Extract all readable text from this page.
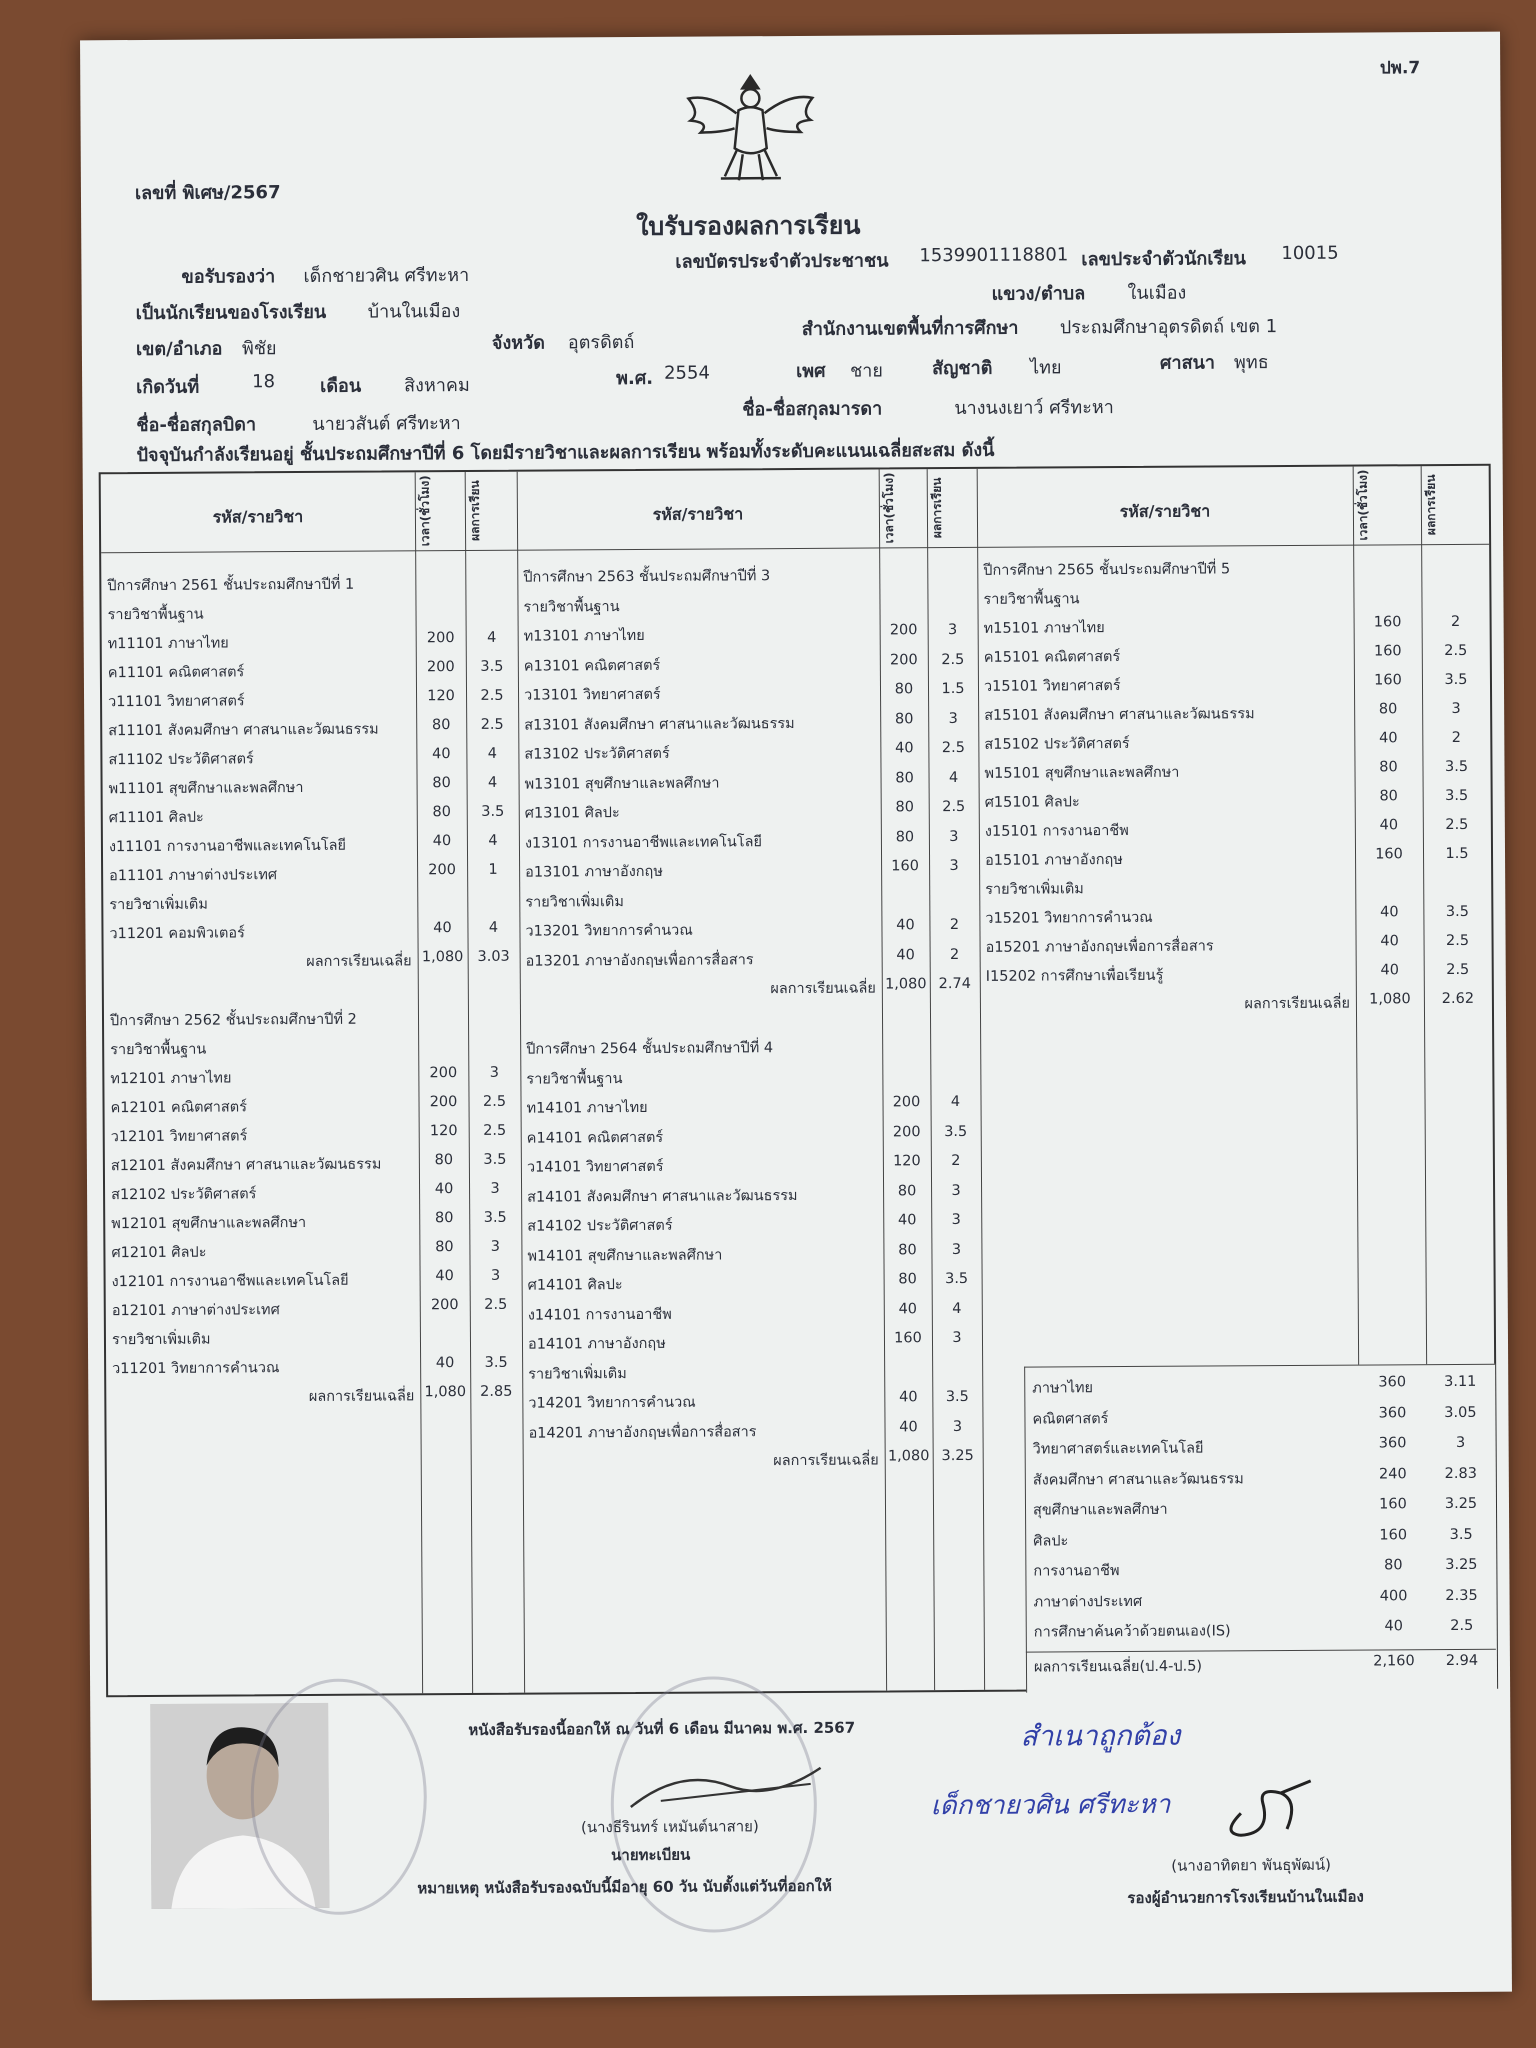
ปพ.7
เลขที่ พิเศษ/2567
ใบรับรองผลการเรียน
ขอรับรองว่า เด็กชายวศิน ศรีทะหา
เลขบัตรประจำตัวประชาชน 1539901118801 เลขประจำตัวนักเรียน 10015
แขวง/ตำบล ในเมือง
เป็นนักเรียนของโรงเรียน บ้านในเมือง
เขต/อำเภอ พิชัย	จังหวัด อุตรดิตถ์
สำนักงานเขตพื้นที่การศึกษา ประถมศึกษาอุตรดิตถ์ เขต 1
เกิดวันที่	18 เดือน สิงหาคม	พ.ศ. 2554	เพศ ชาย	สัญชาติ ไทย	ศาสนา พุทธ
ชื่อ-ชื่อสกุลบิดา	นายวสันต์ ศรีทะหา
ชื่อ-ชื่อสกุลมารดา	นางนงเยาว์ ศรีทะหา
ปัจจุบันกำลังเรียนอยู่ ชั้นประถมศึกษาปีที่ 6 โดยมีรายวิชาและผลการเรียน พร้อมทั้งระดับคะแนนเฉลี่ยสะสม ดังนี้
รหัส/รายวิชา	เวลา(ชั่วโมง)	ผลการเรียน	รหัส/รายวิชา	เวลา(ชั่วโมง)	ผลการเรียน	รหัส/รายวิชา	เวลา(ชั่วโมง)	ผลการเรียน
ปีการศึกษา 2561 ชั้นประถมศึกษาปีที่ 1
รายวิชาพื้นฐาน
ท11101 ภาษาไทย	200	4
ค11101 คณิตศาสตร์	200	3.5
ว11101 วิทยาศาสตร์	120	2.5
ส11101 สังคมศึกษา ศาสนาและวัฒนธรรม	80	2.5
ส11102 ประวัติศาสตร์	40	4
พ11101 สุขศึกษาและพลศึกษา	80	4
ศ11101 ศิลปะ	80	3.5
ง11101 การงานอาชีพและเทคโนโลยี	40	4
อ11101 ภาษาต่างประเทศ	200	1
รายวิชาเพิ่มเติม
ว11201 คอมพิวเตอร์	40	4
ผลการเรียนเฉลี่ย 1,080 3.03
ปีการศึกษา 2562 ชั้นประถมศึกษาปีที่ 2
รายวิชาพื้นฐาน
ท12101 ภาษาไทย	200	3
ค12101 คณิตศาสตร์	200	2.5
ว12101 วิทยาศาสตร์	120	2.5
ส12101 สังคมศึกษา ศาสนาและวัฒนธรรม	80	3.5
ส12102 ประวัติศาสตร์	40	3
พ12101 สุขศึกษาและพลศึกษา	80	3.5
ศ12101 ศิลปะ	80	3
ง12101 การงานอาชีพและเทคโนโลยี	40	3
อ12101 ภาษาต่างประเทศ	200	2.5
รายวิชาเพิ่มเติม
ว11201 วิทยาการคำนวณ	40	3.5
ผลการเรียนเฉลี่ย 1,080 2.85
ปีการศึกษา 2563 ชั้นประถมศึกษาปีที่ 3
รายวิชาพื้นฐาน
ท13101 ภาษาไทย	200	3
ค13101 คณิตศาสตร์	200	2.5
ว13101 วิทยาศาสตร์	80	1.5
ส13101 สังคมศึกษา ศาสนาและวัฒนธรรม	80	3
ส13102 ประวัติศาสตร์	40	2.5
พ13101 สุขศึกษาและพลศึกษา	80	4
ศ13101 ศิลปะ	80	2.5
ง13101 การงานอาชีพและเทคโนโลยี	80	3
อ13101 ภาษาอังกฤษ	160	3
รายวิชาเพิ่มเติม
ว13201 วิทยาการคำนวณ	40	2
อ13201 ภาษาอังกฤษเพื่อการสื่อสาร	40	2
ผลการเรียนเฉลี่ย 1,080 2.74
ปีการศึกษา 2564 ชั้นประถมศึกษาปีที่ 4
รายวิชาพื้นฐาน
ท14101 ภาษาไทย	200	4
ค14101 คณิตศาสตร์	200	3.5
ว14101 วิทยาศาสตร์	120	2
ส14101 สังคมศึกษา ศาสนาและวัฒนธรรม	80	3
ส14102 ประวัติศาสตร์	40	3
พ14101 สุขศึกษาและพลศึกษา	80	3
ศ14101 ศิลปะ	80	3.5
ง14101 การงานอาชีพ	40	4
อ14101 ภาษาอังกฤษ	160	3
รายวิชาเพิ่มเติม
ว14201 วิทยาการคำนวณ	40	3.5
อ14201 ภาษาอังกฤษเพื่อการสื่อสาร	40	3
ผลการเรียนเฉลี่ย 1,080 3.25
ปีการศึกษา 2565 ชั้นประถมศึกษาปีที่ 5
รายวิชาพื้นฐาน
ท15101 ภาษาไทย	160	2
ค15101 คณิตศาสตร์	160	2.5
ว15101 วิทยาศาสตร์	160	3.5
ส15101 สังคมศึกษา ศาสนาและวัฒนธรรม	80	3
ส15102 ประวัติศาสตร์	40	2
พ15101 สุขศึกษาและพลศึกษา	80	3.5
ศ15101 ศิลปะ	80	3.5
ง15101 การงานอาชีพ	40	2.5
อ15101 ภาษาอังกฤษ	160	1.5
รายวิชาเพิ่มเติม
ว15201 วิทยาการคำนวณ	40	3.5
อ15201 ภาษาอังกฤษเพื่อการสื่อสาร	40	2.5
I15202 การศึกษาเพื่อเรียนรู้	40	2.5
ผลการเรียนเฉลี่ย	1,080	2.62
ภาษาไทย	360	3.11
คณิตศาสตร์	360	3.05
วิทยาศาสตร์และเทคโนโลยี	360	3
สังคมศึกษา ศาสนาและวัฒนธรรม	240	2.83
สุขศึกษาและพลศึกษา	160	3.25
ศิลปะ	160	3.5
การงานอาชีพ	80	3.25
ภาษาต่างประเทศ	400	2.35
การศึกษาค้นคว้าด้วยตนเอง(IS)	40	2.5
ผลการเรียนเฉลี่ย(ป.4-ป.5)	2,160	2.94
หนังสือรับรองนี้ออกให้ ณ วันที่ 6 เดือน มีนาคม พ.ศ. 2567
(นางธีรินทร์ เหมันต์นาสาย)
นายทะเบียน
หมายเหตุ หนังสือรับรองฉบับนี้มีอายุ 60 วัน นับตั้งแต่วันที่ออกให้
(นางอาทิตยา พันธุพัฒน์)
รองผู้อำนวยการโรงเรียนบ้านในเมือง
สำเนาถูกต้อง
เด็กชายวศิน ศรีทะหา
